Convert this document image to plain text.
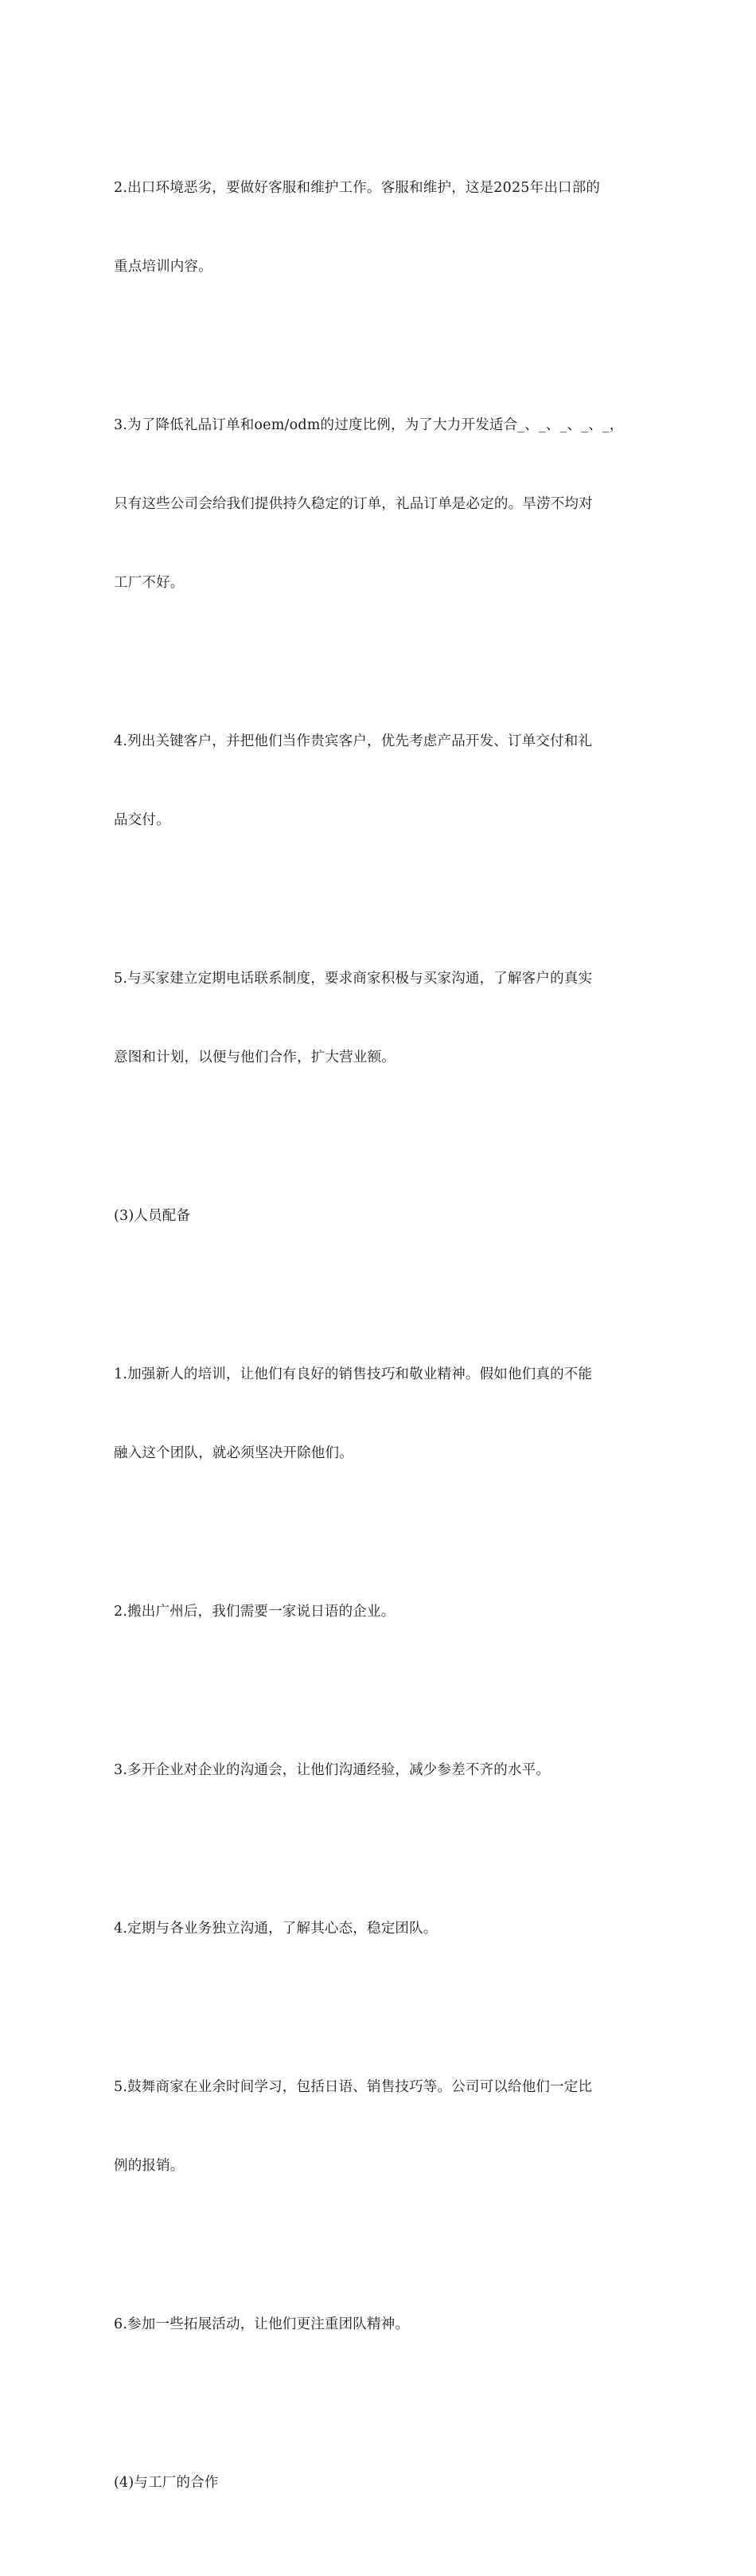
2.出口环境恶劣，要做好客服和维护工作。客服和维护，这是2025年出口部的

重点培训内容。

3.为了降低礼品订单和oem/odm的过度比例，为了大力开发适合_、_、_、_、_，

只有这些公司会给我们提供持久稳定的订单，礼品订单是必定的。旱涝不均对

工厂不好。

4.列出关键客户，并把他们当作贵宾客户，优先考虑产品开发、订单交付和礼

品交付。

5.与买家建立定期电话联系制度，要求商家积极与买家沟通，了解客户的真实

意图和计划，以便与他们合作，扩大营业额。

(3)人员配备

1.加强新人的培训，让他们有良好的销售技巧和敬业精神。假如他们真的不能

融入这个团队，就必须坚决开除他们。

2.搬出广州后，我们需要一家说日语的企业。

3.多开企业对企业的沟通会，让他们沟通经验，减少参差不齐的水平。

4.定期与各业务独立沟通，了解其心态，稳定团队。

5.鼓舞商家在业余时间学习，包括日语、销售技巧等。公司可以给他们一定比

例的报销。

6.参加一些拓展活动，让他们更注重团队精神。

(4)与工厂的合作
